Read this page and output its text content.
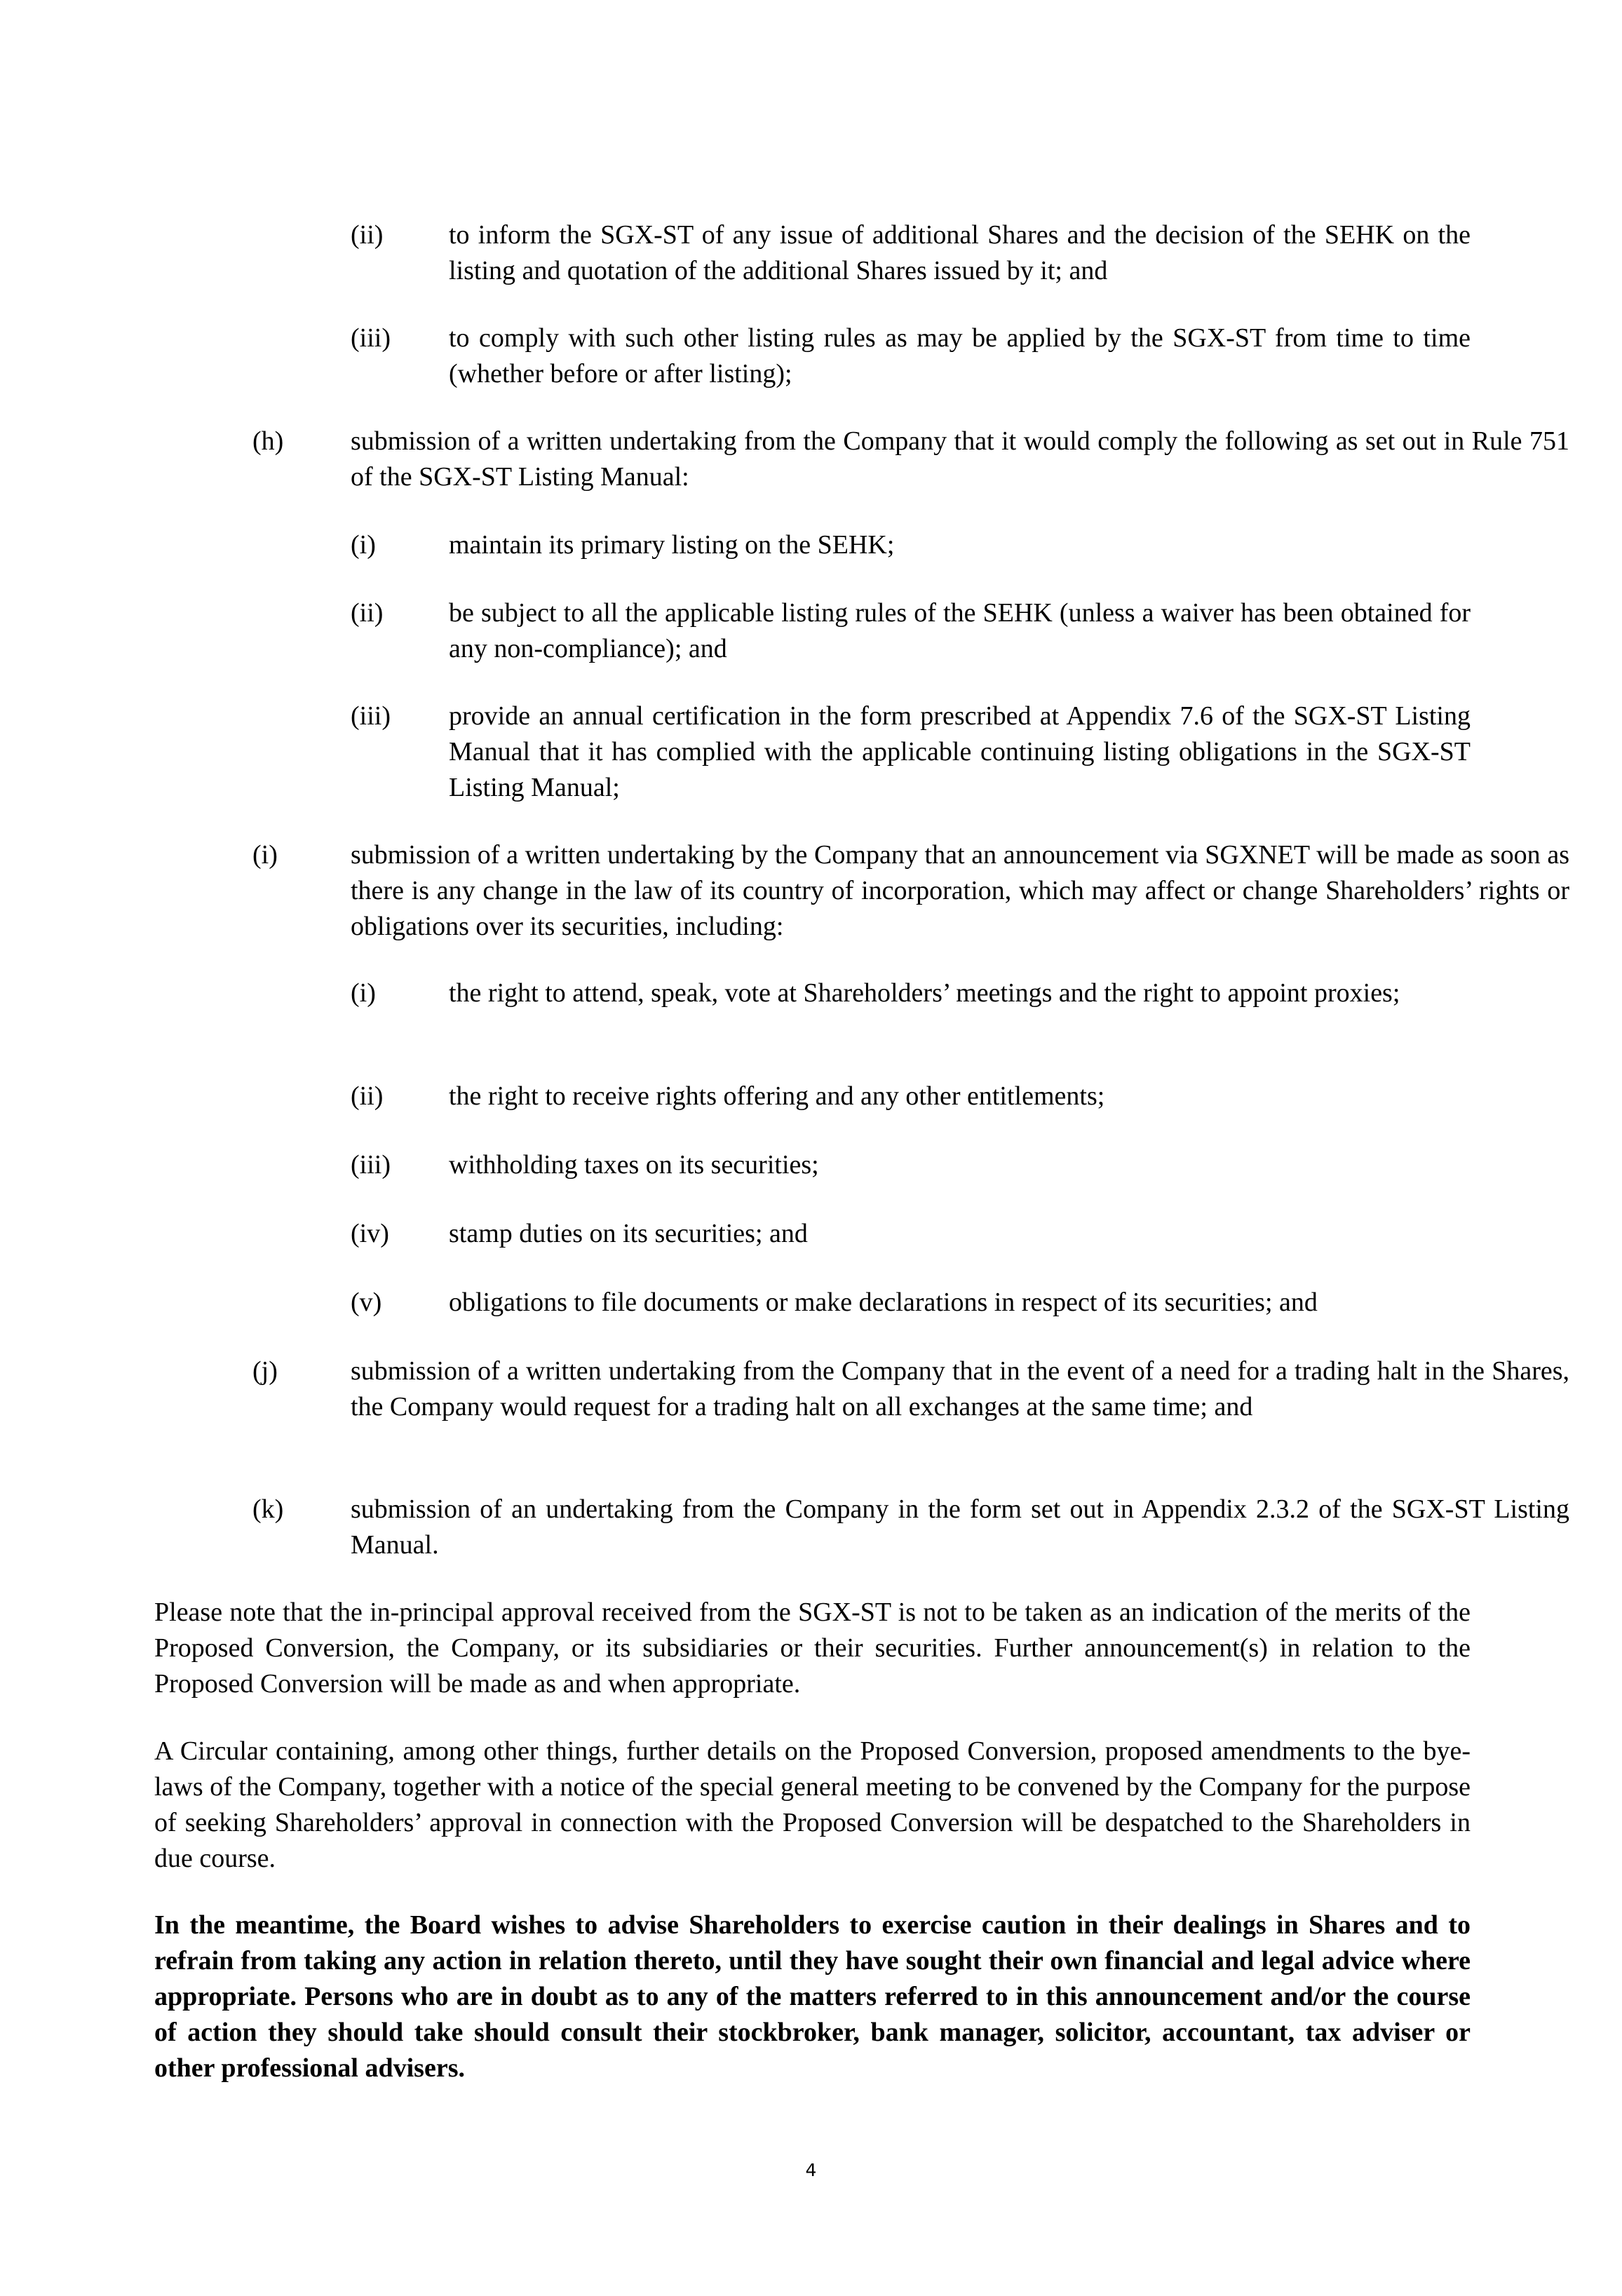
(ii) to inform the SGX-ST of any issue of additional Shares and the decision of the SEHK on the listing and quotation of the additional Shares issued by it; and
(iii) to comply with such other listing rules as may be applied by the SGX-ST from time to time (whether before or after listing);
(h)	submission of a written undertaking from the Company that it would comply the following as set out in Rule 751 of the SGX-ST Listing Manual:
(i)	maintain its primary listing on the SEHK;
(ii) be subject to all the applicable listing rules of the SEHK (unless a waiver has been obtained for any non-compliance); and
(iii) provide an annual certification in the form prescribed at Appendix 7.6 of the SGX-ST Listing Manual that it has complied with the applicable continuing listing obligations in the SGX-ST Listing Manual;
(i)	submission of a written undertaking by the Company that an announcement via SGXNET will be made as soon as there is any change in the law of its country of incorporation, which may affect or change Shareholders’ rights or obligations over its securities, including:
(i)	the right to attend, speak, vote at Shareholders’ meetings and the right to appoint proxies;
(ii) the right to receive rights offering and any other entitlements;
(iii) withholding taxes on its securities;
(iv) stamp duties on its securities; and
(v)	obligations to file documents or make declarations in respect of its securities; and
(j)	submission of a written undertaking from the Company that in the event of a need for a trading halt in the Shares, the Company would request for a trading halt on all exchanges at the same time; and
(k)	submission of an undertaking from the Company in the form set out in Appendix 2.3.2 of the SGX-ST Listing Manual.

Please note that the in-principal approval received from the SGX-ST is not to be taken as an indication of the merits of the Proposed Conversion, the Company, or its subsidiaries or their securities. Further announcement(s) in relation to the Proposed Conversion will be made as and when appropriate.

A Circular containing, among other things, further details on the Proposed Conversion, proposed amendments to the bye-laws of the Company, together with a notice of the special general meeting to be convened by the Company for the purpose of seeking Shareholders’ approval in connection with the Proposed Conversion will be despatched to the Shareholders in due course.

In the meantime, the Board wishes to advise Shareholders to exercise caution in their dealings in Shares and to refrain from taking any action in relation thereto, until they have sought their own financial and legal advice where appropriate. Persons who are in doubt as to any of the matters referred to in this announcement and/or the course of action they should take should consult their stockbroker, bank manager, solicitor, accountant, tax adviser or other professional advisers.

4
